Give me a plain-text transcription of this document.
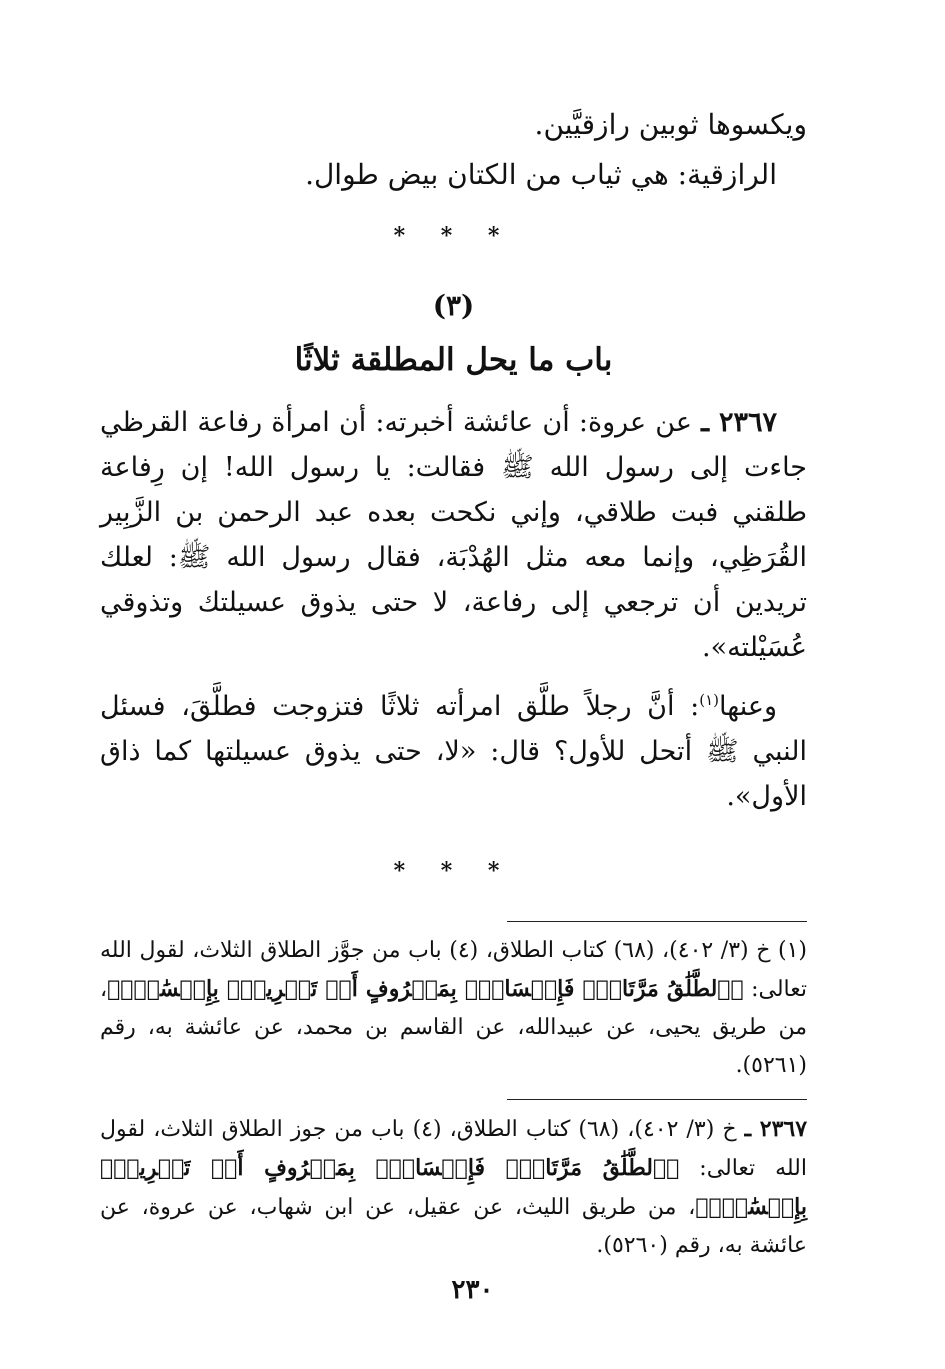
ويكسوها ثوبين رازقيَّين.

الرازقية: هي ثياب من الكتان بيض طوال.

* * *
(٣)
باب ما يحل المطلقة ثلاثًا

٢٣٦٧ ـ عن عروة: أن عائشة أخبرته: أن امرأة رفاعة القرظي جاءت إلى رسول الله ﷺ فقالت: يا رسول الله! إن رِفاعة طلقني فبت طلاقي، وإني نكحت بعده عبد الرحمن بن الزَّبِير القُرَظِي، وإنما معه مثل الهُدْبَة، فقال رسول الله ﷺ: لعلك تريدين أن ترجعي إلى رفاعة، لا حتى يذوق عسيلتك وتذوقي عُسَيْلته».

وعنها$^{(١)}$: أنَّ رجلاً طلَّق امرأته ثلاثًا فتزوجت فطلَّقَ، فسئل النبي ﷺ أتحل للأول؟ قال: «لا، حتى يذوق عسيلتها كما ذاق الأول».

* * *

(١) خ (٣/ ٤٠٢)، (٦٨) كتاب الطلاق، (٤) باب من جوَّز الطلاق الثلاث، لقول الله تعالى: ﴿ٱلطَّلَٰقُ مَرَّتَانِۖ فَإِمۡسَاكُۢ بِمَعۡرُوفٍ أَوۡ تَسۡرِيحُۢ بِإِحۡسَٰنٖۗ﴾، من طريق يحيى، عن عبيدالله، عن القاسم بن محمد، عن عائشة به، رقم (٥٢٦١).

٢٣٦٧ ـ خ (٣/ ٤٠٢)، (٦٨) كتاب الطلاق، (٤) باب من جوز الطلاق الثلاث، لقول الله تعالى: ﴿ٱلطَّلَٰقُ مَرَّتَانِۖ فَإِمۡسَاكُۢ بِمَعۡرُوفٍ أَوۡ تَسۡرِيحُۢ بِإِحۡسَٰنٖۗ﴾، من طريق الليث، عن عقيل، عن ابن شهاب، عن عروة، عن عائشة به، رقم (٥٢٦٠).

٢٣٠
